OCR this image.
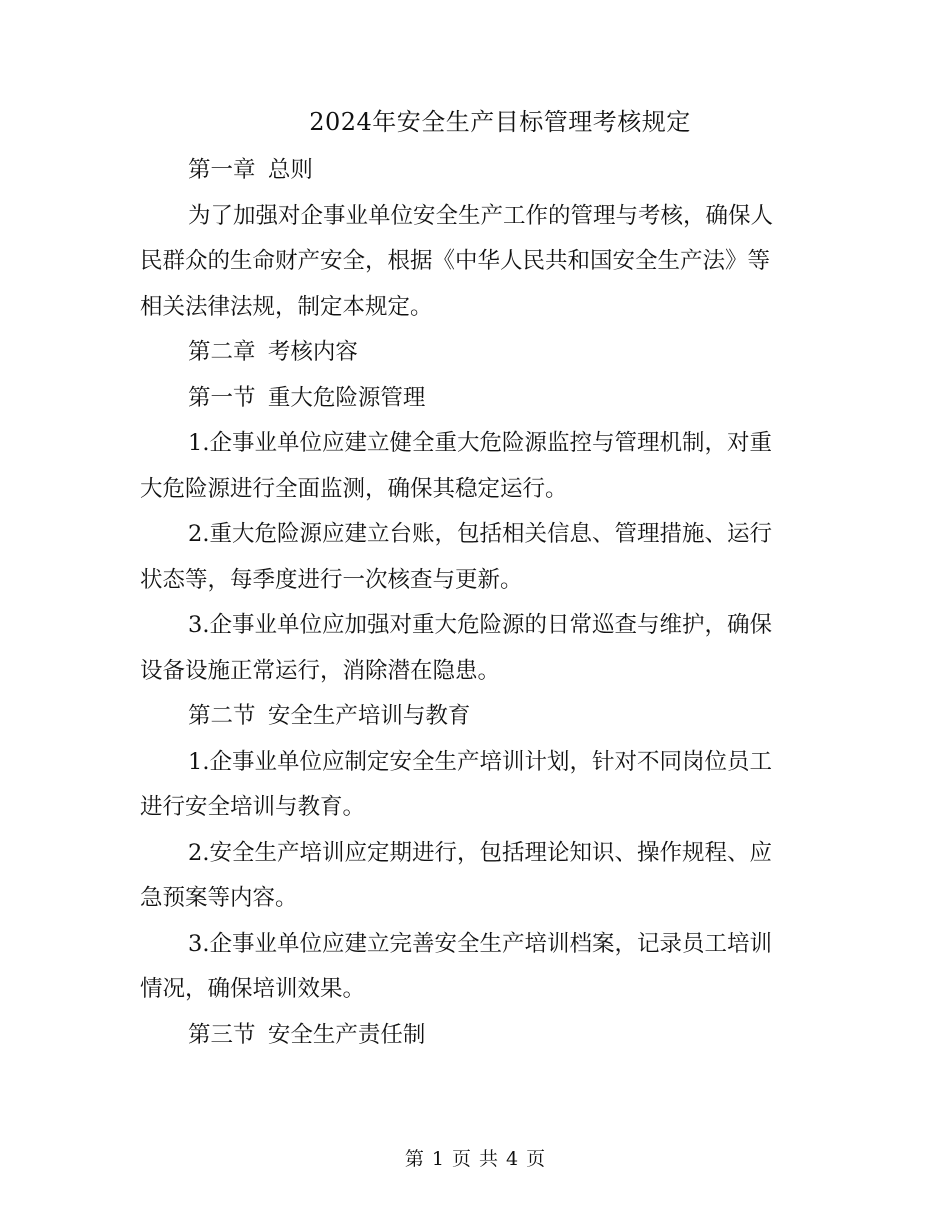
2024年安全生产目标管理考核规定
第一章 总则
为了加强对企事业单位安全生产工作的管理与考核，确保人
民群众的生命财产安全，根据《中华人民共和国安全生产法》等
相关法律法规，制定本规定。
第二章 考核内容
第一节 重大危险源管理
1.企事业单位应建立健全重大危险源监控与管理机制，对重
大危险源进行全面监测，确保其稳定运行。
2.重大危险源应建立台账，包括相关信息、管理措施、运行
状态等，每季度进行一次核查与更新。
3.企事业单位应加强对重大危险源的日常巡查与维护，确保
设备设施正常运行，消除潜在隐患。
第二节 安全生产培训与教育
1.企事业单位应制定安全生产培训计划，针对不同岗位员工
进行安全培训与教育。
2.安全生产培训应定期进行，包括理论知识、操作规程、应
急预案等内容。
3.企事业单位应建立完善安全生产培训档案，记录员工培训
情况，确保培训效果。
第三节 安全生产责任制
第 1 页 共 4 页
